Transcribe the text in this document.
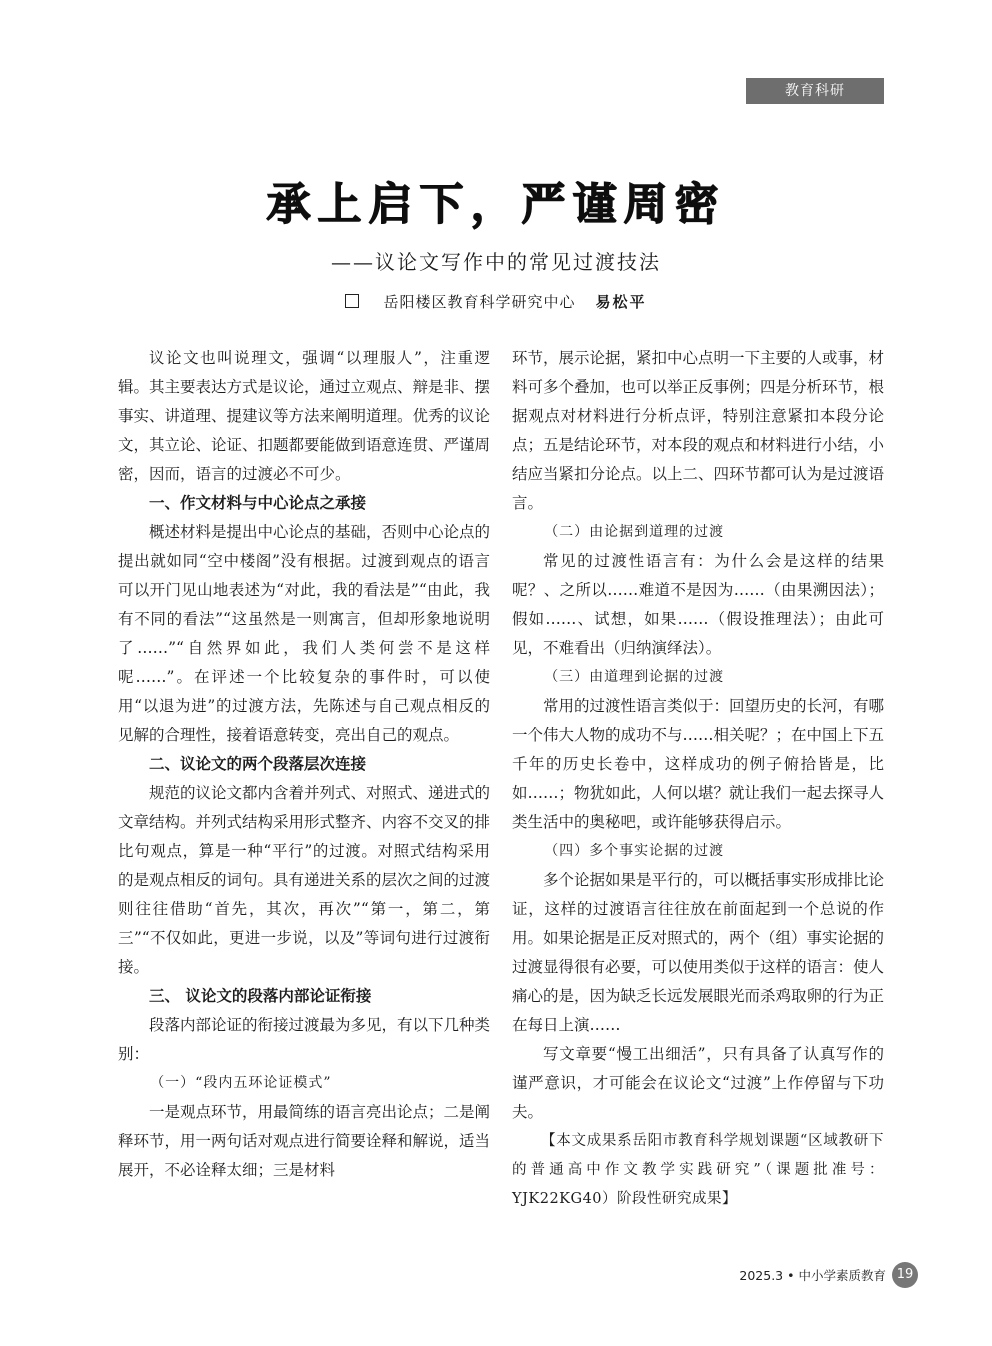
教育科研
承上启下，严谨周密
——议论文写作中的常见过渡技法
岳阳楼区教育科学研究中心 易松平

议论文也叫说理文，强调“以理服人”，注重逻辑。其主要表达方式是议论，通过立观点、辩是非、摆事实、讲道理、提建议等方法来阐明道理。优秀的议论文，其立论、论证、扣题都要能做到语意连贯、严谨周密，因而，语言的过渡必不可少。

一、作文材料与中心论点之承接

概述材料是提出中心论点的基础，否则中心论点的提出就如同“空中楼阁”没有根据。过渡到观点的语言可以开门见山地表述为“对此，我的看法是”“由此，我有不同的看法”“这虽然是一则寓言，但却形象地说明了……”“自然界如此，我们人类何尝不是这样呢……”。在评述一个比较复杂的事件时，可以使用“以退为进”的过渡方法，先陈述与自己观点相反的见解的合理性，接着语意转变，亮出自己的观点。

二、议论文的两个段落层次连接

规范的议论文都内含着并列式、对照式、递进式的文章结构。并列式结构采用形式整齐、内容不交叉的排比句观点，算是一种“平行”的过渡。对照式结构采用的是观点相反的词句。具有递进关系的层次之间的过渡则往往借助“首先，其次，再次”“第一，第二，第三”“不仅如此，更进一步说，以及”等词句进行过渡衔接。

三、 议论文的段落内部论证衔接

段落内部论证的衔接过渡最为多见，有以下几种类别：

（一）“段内五环论证模式”

一是观点环节，用最简练的语言亮出论点；二是阐释环节，用一两句话对观点进行简要诠释和解说，适当展开，不必诠释太细；三是材料

环节，展示论据，紧扣中心点明一下主要的人或事，材料可多个叠加，也可以举正反事例；四是分析环节，根据观点对材料进行分析点评，特别注意紧扣本段分论点；五是结论环节，对本段的观点和材料进行小结，小结应当紧扣分论点。以上二、四环节都可认为是过渡语言。

（二）由论据到道理的过渡

常见的过渡性语言有：为什么会是这样的结果呢？、之所以……难道不是因为……（由果溯因法）；假如……、试想，如果……（假设推理法）；由此可见，不难看出（归纳演绎法）。

（三）由道理到论据的过渡

常用的过渡性语言类似于：回望历史的长河，有哪一个伟大人物的成功不与……相关呢？；在中国上下五千年的历史长卷中，这样成功的例子俯拾皆是，比如……；物犹如此，人何以堪？就让我们一起去探寻人类生活中的奥秘吧，或许能够获得启示。

（四）多个事实论据的过渡

多个论据如果是平行的，可以概括事实形成排比论证，这样的过渡语言往往放在前面起到一个总说的作用。如果论据是正反对照式的，两个（组）事实论据的过渡显得很有必要，可以使用类似于这样的语言：使人痛心的是，因为缺乏长远发展眼光而杀鸡取卵的行为正在每日上演……

写文章要“慢工出细活”，只有具备了认真写作的谨严意识，才可能会在议论文“过渡”上作停留与下功夫。

【本文成果系岳阳市教育科学规划课题“区域教研下的普通高中作文教学实践研究”（课题批准号：YJK22KG40）阶段性研究成果】

2025.3
•
中小学素质教育 19
